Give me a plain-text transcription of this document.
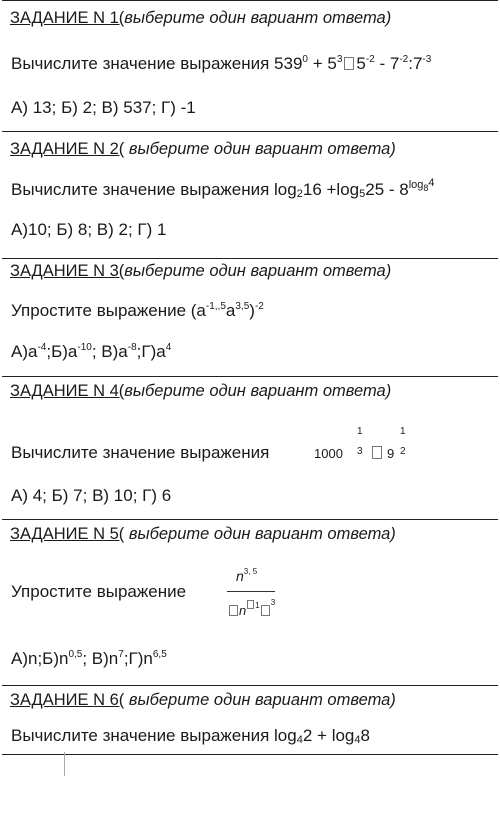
ЗАДАНИЕ N 1(выберите один вариант ответа)
Вычислите значение выражения $539^0 + 5^3$ $5^{-2}$ - $7^{-2}:7^{-3}$
А) 13; Б) 2; В) 537; Г) -1
ЗАДАНИЕ N 2( выберите один вариант ответа)
Вычислите значение выражения $\log_216 +\log_525 - 8^{log_84}$
А)10; Б) 8; В) 2; Г) 1
ЗАДАНИЕ N 3(выберите один вариант ответа)
Упростите выражение $(a^{-1,,5}a^{3,5})^{-2}$
$А)a^{-4};Б)a^{-10}$; $В)a^{-8};Г)a^4$
ЗАДАНИЕ N 4(выберите один вариант ответа)
Вычислите значение выражения	1000
1
3 9
1
2
А) 4; Б) 7; В) 10; Г) 6
ЗАДАНИЕ N 5( выберите один вариант ответа)
Упростите выражение
$n^{3, 5}$
n $^1$ $^3$
$А)n;Б)n^{0,5}$; $В)n^7;Г)n^{6,5}$
ЗАДАНИЕ N 6( выберите один вариант ответа)
Вычислите значение выражения $\log_42 + \log_48$
